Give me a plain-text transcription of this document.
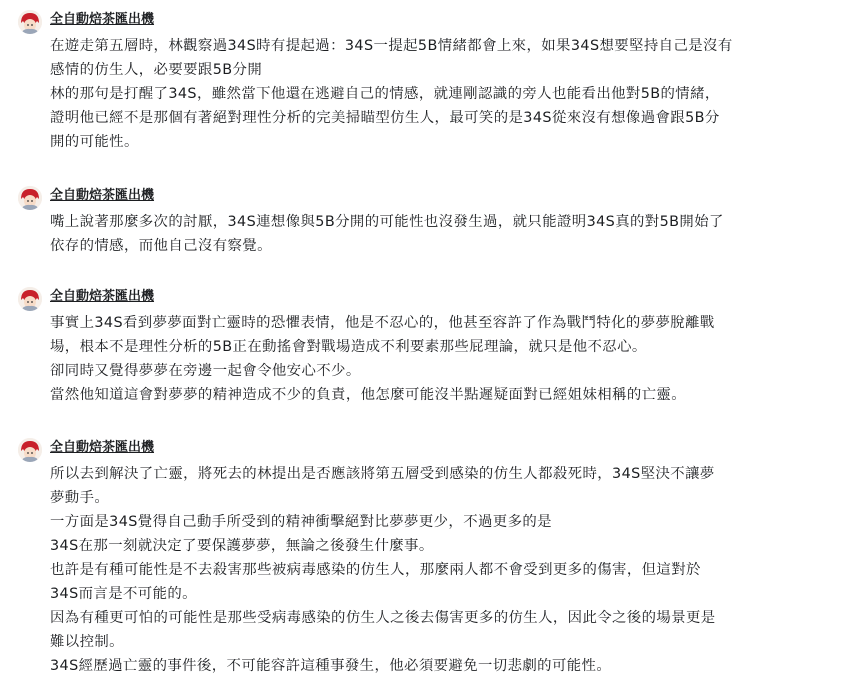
全自動焙茶匯出機
在遊走第五層時，林觀察過34S時有提起過：34S一提起5B情緒都會上來，如果34S想要堅持自己是沒有
感情的仿生人，必要要跟5B分開
林的那句是打醒了34S，雖然當下他還在逃避自己的情感，就連剛認識的旁人也能看出他對5B的情緒，
證明他已經不是那個有著絕對理性分析的完美掃瞄型仿生人，最可笑的是34S從來沒有想像過會跟5B分
開的可能性。
全自動焙茶匯出機
嘴上說著那麼多次的討厭，34S連想像與5B分開的可能性也沒發生過，就只能證明34S真的對5B開始了
依存的情感，而他自己沒有察覺。
全自動焙茶匯出機
事實上34S看到夢夢面對亡靈時的恐懼表情，他是不忍心的，他甚至容許了作為戰鬥特化的夢夢脫離戰
場，根本不是理性分析的5B正在動搖會對戰場造成不利要素那些屁理論，就只是他不忍心。
卻同時又覺得夢夢在旁邊一起會令他安心不少。
當然他知道這會對夢夢的精神造成不少的負責，他怎麼可能沒半點遲疑面對已經姐妹相稱的亡靈。
全自動焙茶匯出機
所以去到解決了亡靈，將死去的林提出是否應該將第五層受到感染的仿生人都殺死時，34S堅決不讓夢
夢動手。
一方面是34S覺得自己動手所受到的精神衝擊絕對比夢夢更少，不過更多的是
34S在那一刻就決定了要保護夢夢，無論之後發生什麼事。
也許是有種可能性是不去殺害那些被病毒感染的仿生人，那麼兩人都不會受到更多的傷害，但這對於
34S而言是不可能的。
因為有種更可怕的可能性是那些受病毒感染的仿生人之後去傷害更多的仿生人，因此令之後的場景更是
難以控制。
34S經歷過亡靈的事件後，不可能容許這種事發生，他必須要避免一切悲劇的可能性。
